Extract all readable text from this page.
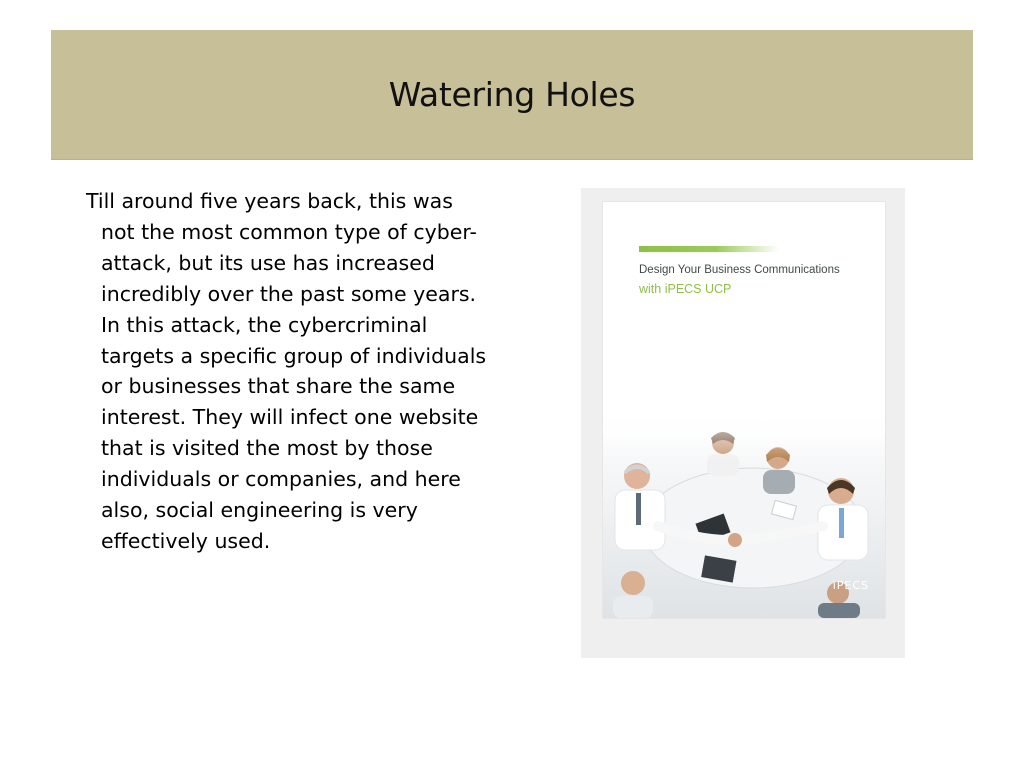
Watering Holes

Till around five years back, this was not the most common type of cyber-attack, but its use has increased incredibly over the past some years. In this attack, the cybercriminal targets a specific group of individuals or businesses that share the same interest. They will infect one website that is visited the most by those individuals or companies, and here also, social engineering is very effectively used.

Design Your Business Communications
with iPECS UCP
iPECS
